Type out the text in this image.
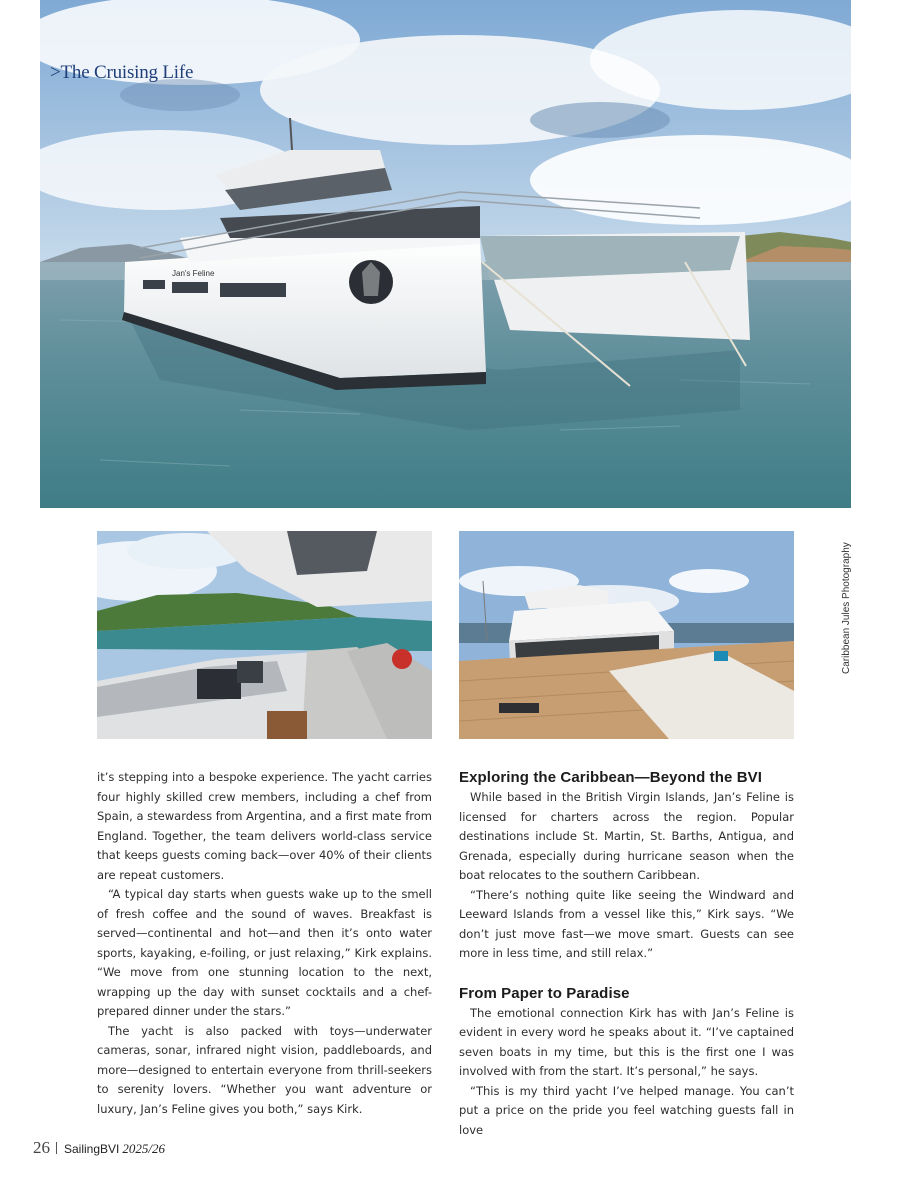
Jan's Feline
>The Cruising Life
Caribbean Jules Photography

it’s stepping into a bespoke experience. The yacht carries four highly skilled crew members, including a chef from Spain, a stewardess from Argentina, and a first mate from England. Together, the team delivers world-class service that keeps guests coming back—over 40% of their clients are repeat customers.

“A typical day starts when guests wake up to the smell of fresh coffee and the sound of waves. Breakfast is served—continental and hot—and then it’s onto water sports, kayaking, e-foiling, or just relaxing,” Kirk explains. “We move from one stunning location to the next, wrapping up the day with sunset cocktails and a chef-prepared dinner under the stars.”

The yacht is also packed with toys—underwater cameras, sonar, infrared night vision, paddleboards, and more—designed to entertain everyone from thrill-seekers to serenity lovers. “Whether you want adventure or luxury, Jan’s Feline gives you both,” says Kirk.

Exploring the Caribbean—Beyond the BVI

While based in the British Virgin Islands, Jan’s Feline is licensed for charters across the region. Popular destinations include St. Martin, St. Barths, Antigua, and Grenada, especially during hurricane season when the boat relocates to the southern Caribbean.

“There’s nothing quite like seeing the Windward and Leeward Islands from a vessel like this,” Kirk says. “We don’t just move fast—we move smart. Guests can see more in less time, and still relax.”

From Paper to Paradise

The emotional connection Kirk has with Jan’s Feline is evident in every word he speaks about it. “I’ve captained seven boats in my time, but this is the first one I was involved with from the start. It’s personal,” he says.

“This is my third yacht I’ve helped manage. You can’t put a price on the pride you feel watching guests fall in love

26 SailingBVI 2025/26
